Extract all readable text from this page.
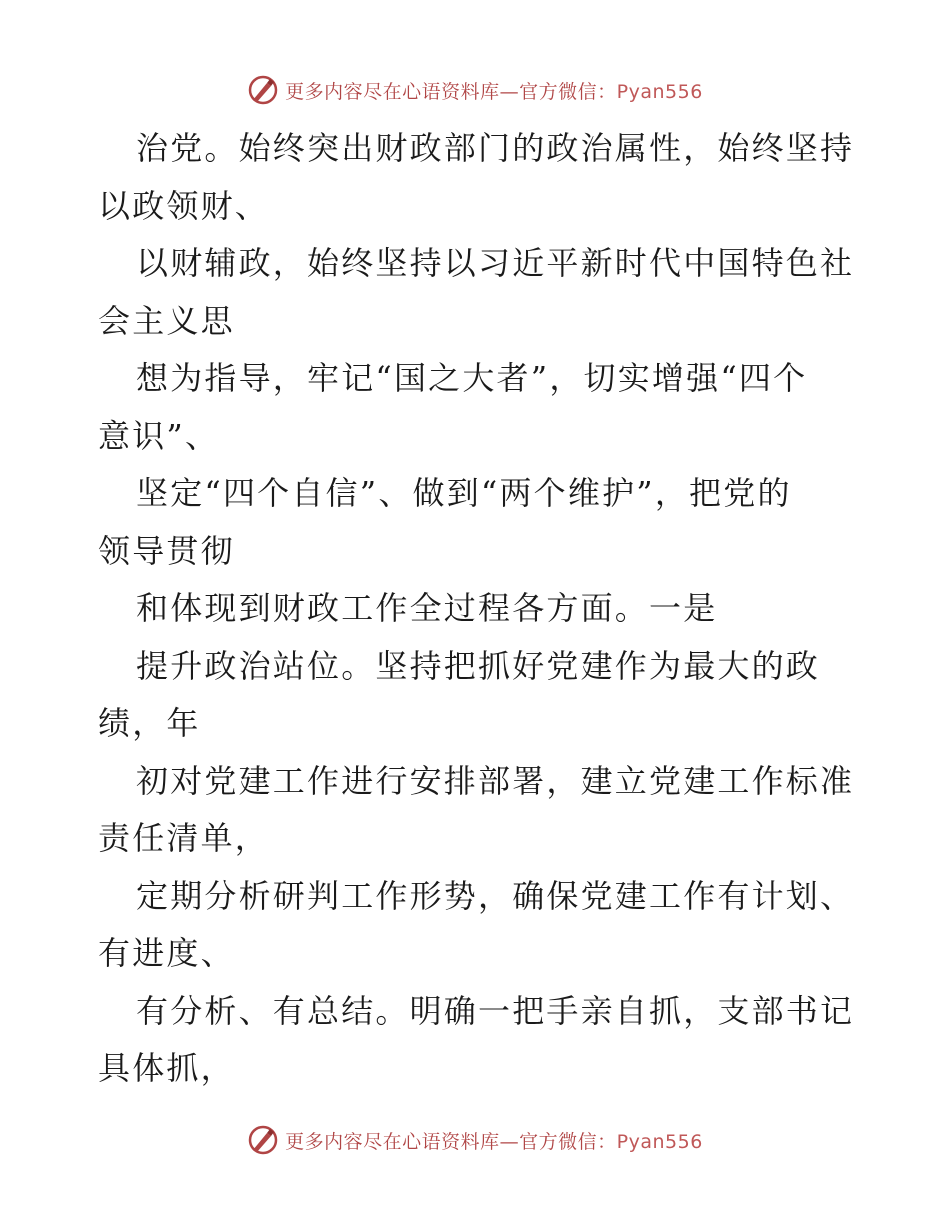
更多内容尽在心语资料库—官方微信：Pyan556
治党。始终突出财政部门的政治属性，始终坚持
以政领财、
以财辅政，始终坚持以习近平新时代中国特色社
会主义思
想为指导，牢记“国之大者”，切实增强“四个
意识”、
坚定“四个自信”、做到“两个维护”，把党的
领导贯彻
和体现到财政工作全过程各方面。一是
提升政治站位。坚持把抓好党建作为最大的政
绩，年
初对党建工作进行安排部署，建立党建工作标准
责任清单，
定期分析研判工作形势，确保党建工作有计划、
有进度、
有分析、有总结。明确一把手亲自抓，支部书记
具体抓，
更多内容尽在心语资料库—官方微信：Pyan556
